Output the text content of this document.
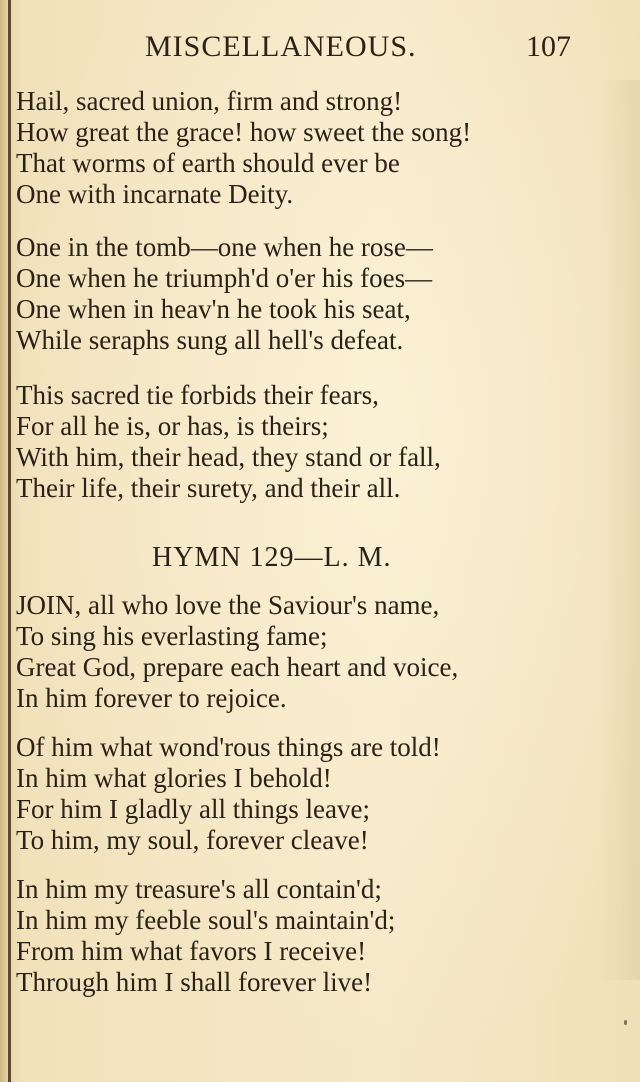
MISCELLANEOUS.	107
Hail, sacred union, firm and strong!
How great the grace! how sweet the song!
That worms of earth should ever be
One with incarnate Deity.
One in the tomb—one when he rose—
One when he triumph'd o'er his foes—
One when in heav'n he took his seat,
While seraphs sung all hell's defeat.
This sacred tie forbids their fears,
For all he is, or has, is theirs;
With him, their head, they stand or fall,
Their life, their surety, and their all.
HYMN 129—L. M.
JOIN, all who love the Saviour's name,
To sing his everlasting fame;
Great God, prepare each heart and voice,
In him forever to rejoice.
Of him what wond'rous things are told!
In him what glories I behold!
For him I gladly all things leave;
To him, my soul, forever cleave!
In him my treasure's all contain'd;
In him my feeble soul's maintain'd;
From him what favors I receive!
Through him I shall forever live!
